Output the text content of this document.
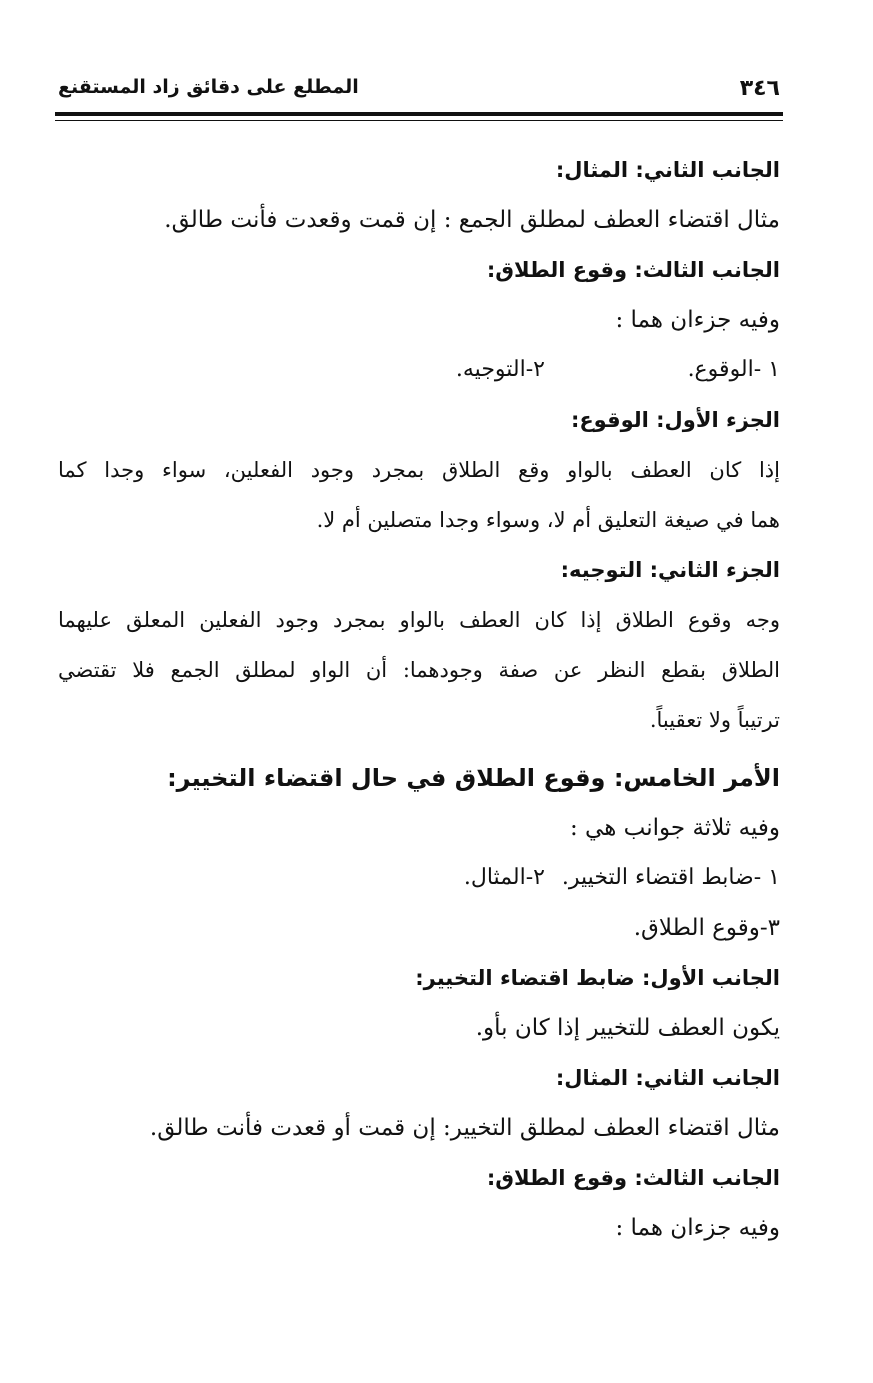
٣٤٦
المطلع على دقائق زاد المستقنع
الجانب الثاني: المثال:
مثال اقتضاء العطف لمطلق الجمع : إن قمت وقعدت فأنت طالق.
الجانب الثالث: وقوع الطلاق:
وفيه جزءان هما :
١ -الوقوع.
٢-التوجيه.
الجزء الأول: الوقوع:
إذا كان العطف بالواو وقع الطلاق بمجرد وجود الفعلين، سواء وجدا كما
هما في صيغة التعليق أم لا، وسواء وجدا متصلين أم لا.
الجزء الثاني: التوجيه:
وجه وقوع الطلاق إذا كان العطف بالواو بمجرد وجود الفعلين المعلق عليهما
الطلاق بقطع النظر عن صفة وجودهما: أن الواو لمطلق الجمع فلا تقتضي
ترتيباً ولا تعقيباً.
الأمر الخامس: وقوع الطلاق في حال اقتضاء التخيير:
وفيه ثلاثة جوانب هي :
١ -ضابط اقتضاء التخيير.
٢-المثال.
٣-وقوع الطلاق.
الجانب الأول: ضابط اقتضاء التخيير:
يكون العطف للتخيير إذا كان بأو.
الجانب الثاني: المثال:
مثال اقتضاء العطف لمطلق التخيير: إن قمت أو قعدت فأنت طالق.
الجانب الثالث: وقوع الطلاق:
وفيه جزءان هما :
